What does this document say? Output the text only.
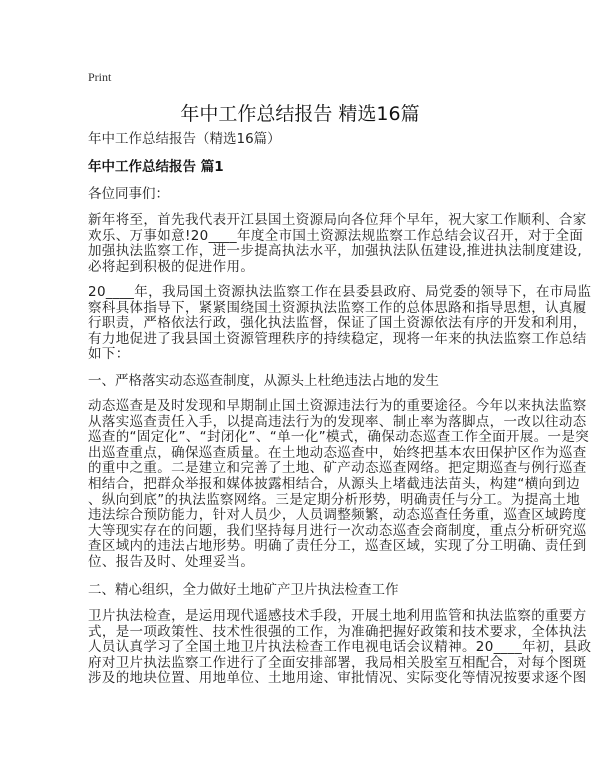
Print
年中工作总结报告 精选16篇
年中工作总结报告（精选16篇）
年中工作总结报告 篇1
各位同事们：
新年将至，首先我代表开江县国土资源局向各位拜个早年，祝大家工作顺利、合家
欢乐、万事如意!20____年度全市国土资源法规监察工作总结会议召开，对于全面
加强执法监察工作，进一步提高执法水平，加强执法队伍建设,推进执法制度建设,
必将起到积极的促进作用。
20____年，我局国土资源执法监察工作在县委县政府、局党委的领导下，在市局监
察科具体指导下，紧紧围绕国土资源执法监察工作的总体思路和指导思想，认真履
行职责，严格依法行政，强化执法监督，保证了国土资源依法有序的开发和利用，
有力地促进了我县国土资源管理秩序的持续稳定，现将一年来的执法监察工作总结
如下：
一、严格落实动态巡查制度，从源头上杜绝违法占地的发生
动态巡查是及时发现和早期制止国土资源违法行为的重要途径。今年以来执法监察
从落实巡查责任入手，以提高违法行为的发现率、制止率为落脚点，一改以往动态
巡查的“固定化”、“封闭化”、“单一化”模式，确保动态巡查工作全面开展。一是突
出巡查重点，确保巡查质量。在土地动态巡查中，始终把基本农田保护区作为巡查
的重中之重。二是建立和完善了土地、矿产动态巡查网络。把定期巡查与例行巡查
相结合，把群众举报和媒体披露相结合，从源头上堵截违法苗头，构建“横向到边
、纵向到底”的执法监察网络。三是定期分析形势，明确责任与分工。为提高土地
违法综合预防能力，针对人员少，人员调整频繁，动态巡查任务重，巡查区域跨度
大等现实存在的问题，我们坚持每月进行一次动态巡查会商制度，重点分析研究巡
查区域内的违法占地形势。明确了责任分工，巡查区域，实现了分工明确、责任到
位、报告及时、处理妥当。
二、精心组织，全力做好土地矿产卫片执法检查工作
卫片执法检查，是运用现代遥感技术手段，开展土地利用监管和执法监察的重要方
式，是一项政策性、技术性很强的工作，为准确把握好政策和技术要求，全体执法
人员认真学习了全国土地卫片执法检查工作电视电话会议精神。20____年初，县政
府对卫片执法监察工作进行了全面安排部署，我局相关股室互相配合，对每个图斑
涉及的地块位置、用地单位、土地用途、审批情况、实际变化等情况按要求逐个图
